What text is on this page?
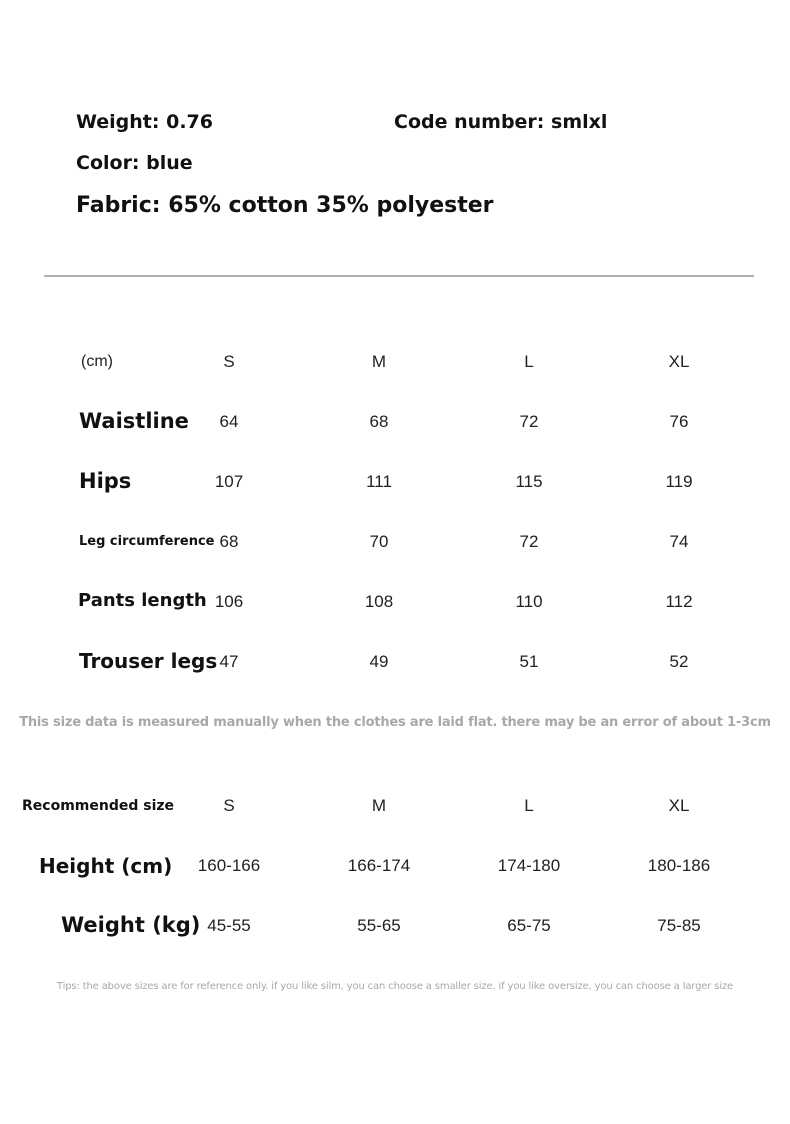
Weight: 0.76	Code number: smlxl
Color: blue
Fabric: 65% cotton 35% polyester
(cm)	S	M	L	XL
Waistline 64	68	72	76
Hips	107	111	115	119
Leg circumference 68	70	72	74
Pants length 106	108	110	112
Trouser legs 47	49	51	52
This size data is measured manually when the clothes are laid flat. there may be an error of about 1-3cm
Recommended size	S	M	L	XL
Height (cm) 160-166	166-174	174-180	180-186
Weight (kg) 45-55	55-65	65-75	75-85
Tips: the above sizes are for reference only. if you like silm, you can choose a smaller size. if you like oversize, you can choose a larger size
